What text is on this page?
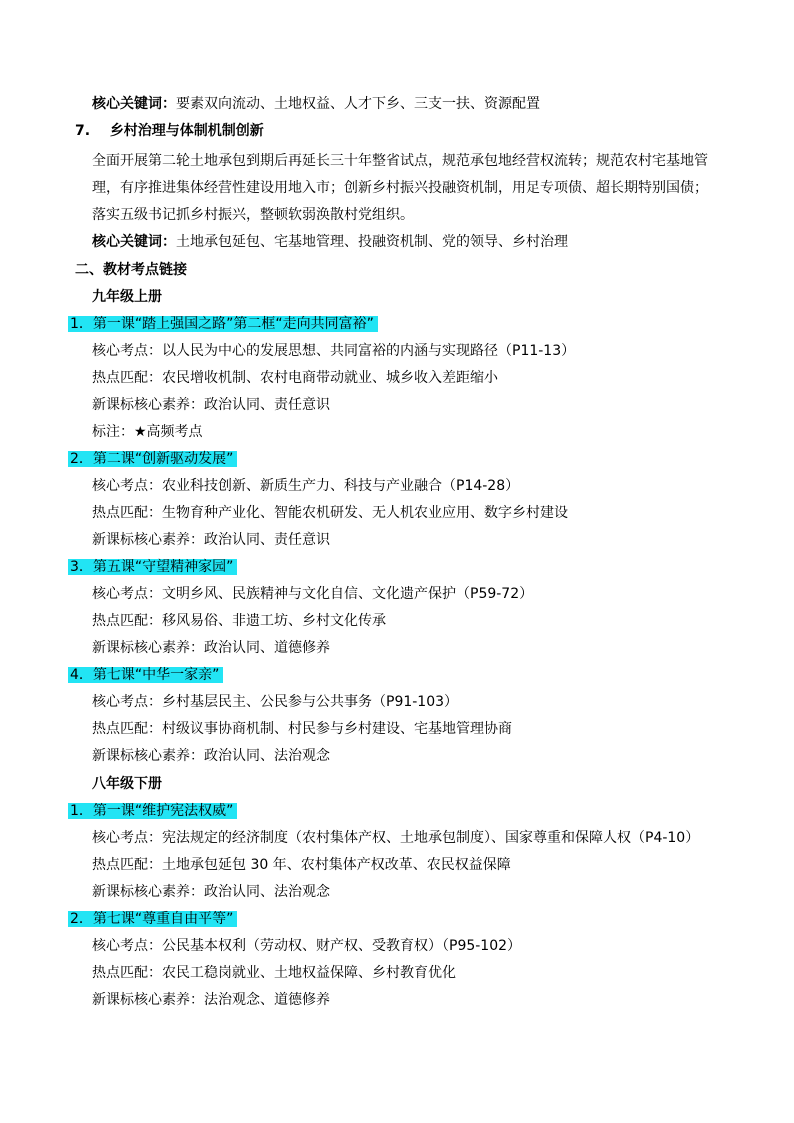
核心关键词：要素双向流动、土地权益、人才下乡、三支一扶、资源配置
7. 乡村治理与体制机制创新
全面开展第二轮土地承包到期后再延长三十年整省试点，规范承包地经营权流转；规范农村宅基地管
理，有序推进集体经营性建设用地入市；创新乡村振兴投融资机制，用足专项债、超长期特别国债；
落实五级书记抓乡村振兴，整顿软弱涣散村党组织。
核心关键词：土地承包延包、宅基地管理、投融资机制、党的领导、乡村治理
二、教材考点链接
九年级上册
1．第一课“踏上强国之路”第二框“走向共同富裕”
核心考点：以人民为中心的发展思想、共同富裕的内涵与实现路径（P11-13）
热点匹配：农民增收机制、农村电商带动就业、城乡收入差距缩小
新课标核心素养：政治认同、责任意识
标注：★高频考点
2．第二课“创新驱动发展”
核心考点：农业科技创新、新质生产力、科技与产业融合（P14-28）
热点匹配：生物育种产业化、智能农机研发、无人机农业应用、数字乡村建设
新课标核心素养：政治认同、责任意识
3．第五课“守望精神家园”
核心考点：文明乡风、民族精神与文化自信、文化遗产保护（P59-72）
热点匹配：移风易俗、非遗工坊、乡村文化传承
新课标核心素养：政治认同、道德修养
4．第七课“中华一家亲”
核心考点：乡村基层民主、公民参与公共事务（P91-103）
热点匹配：村级议事协商机制、村民参与乡村建设、宅基地管理协商
新课标核心素养：政治认同、法治观念
八年级下册
1．第一课“维护宪法权威”
核心考点：宪法规定的经济制度（农村集体产权、土地承包制度）、国家尊重和保障人权（P4-10）
热点匹配：土地承包延包 30 年、农村集体产权改革、农民权益保障
新课标核心素养：政治认同、法治观念
2．第七课“尊重自由平等”
核心考点：公民基本权利（劳动权、财产权、受教育权）（P95-102）
热点匹配：农民工稳岗就业、土地权益保障、乡村教育优化
新课标核心素养：法治观念、道德修养
